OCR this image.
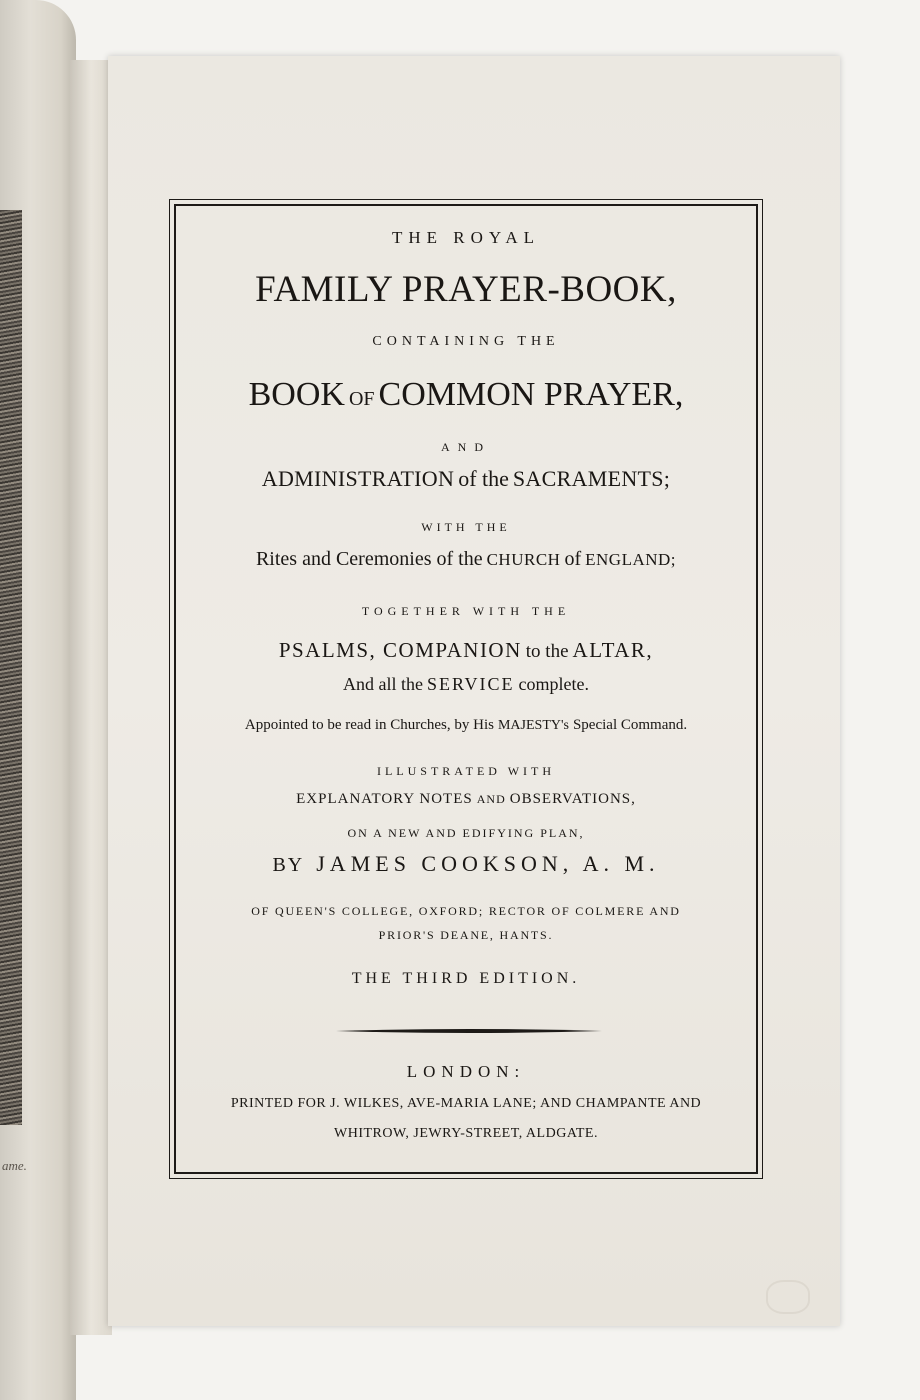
ame.
THE ROYAL
FAMILY PRAYER-BOOK,
CONTAINING THE
BOOK OF COMMON PRAYER,
AND
ADMINISTRATION of the SACRAMENTS;
WITH THE
Rites and Ceremonies of the CHURCH of ENGLAND;
TOGETHER WITH THE
PSALMS, COMPANION to the ALTAR,
And all the SERVICE complete.
Appointed to be read in Churches, by His MAJESTY's Special Command.
ILLUSTRATED WITH
EXPLANATORY NOTES AND OBSERVATIONS,
ON A NEW AND EDIFYING PLAN,
BY JAMES COOKSON, A. M.
OF QUEEN'S COLLEGE, OXFORD; RECTOR OF COLMERE AND
PRIOR'S DEANE, HANTS.
THE THIRD EDITION.
LONDON:
PRINTED FOR J. WILKES, AVE-MARIA LANE; AND CHAMPANTE AND
WHITROW, JEWRY-STREET, ALDGATE.
